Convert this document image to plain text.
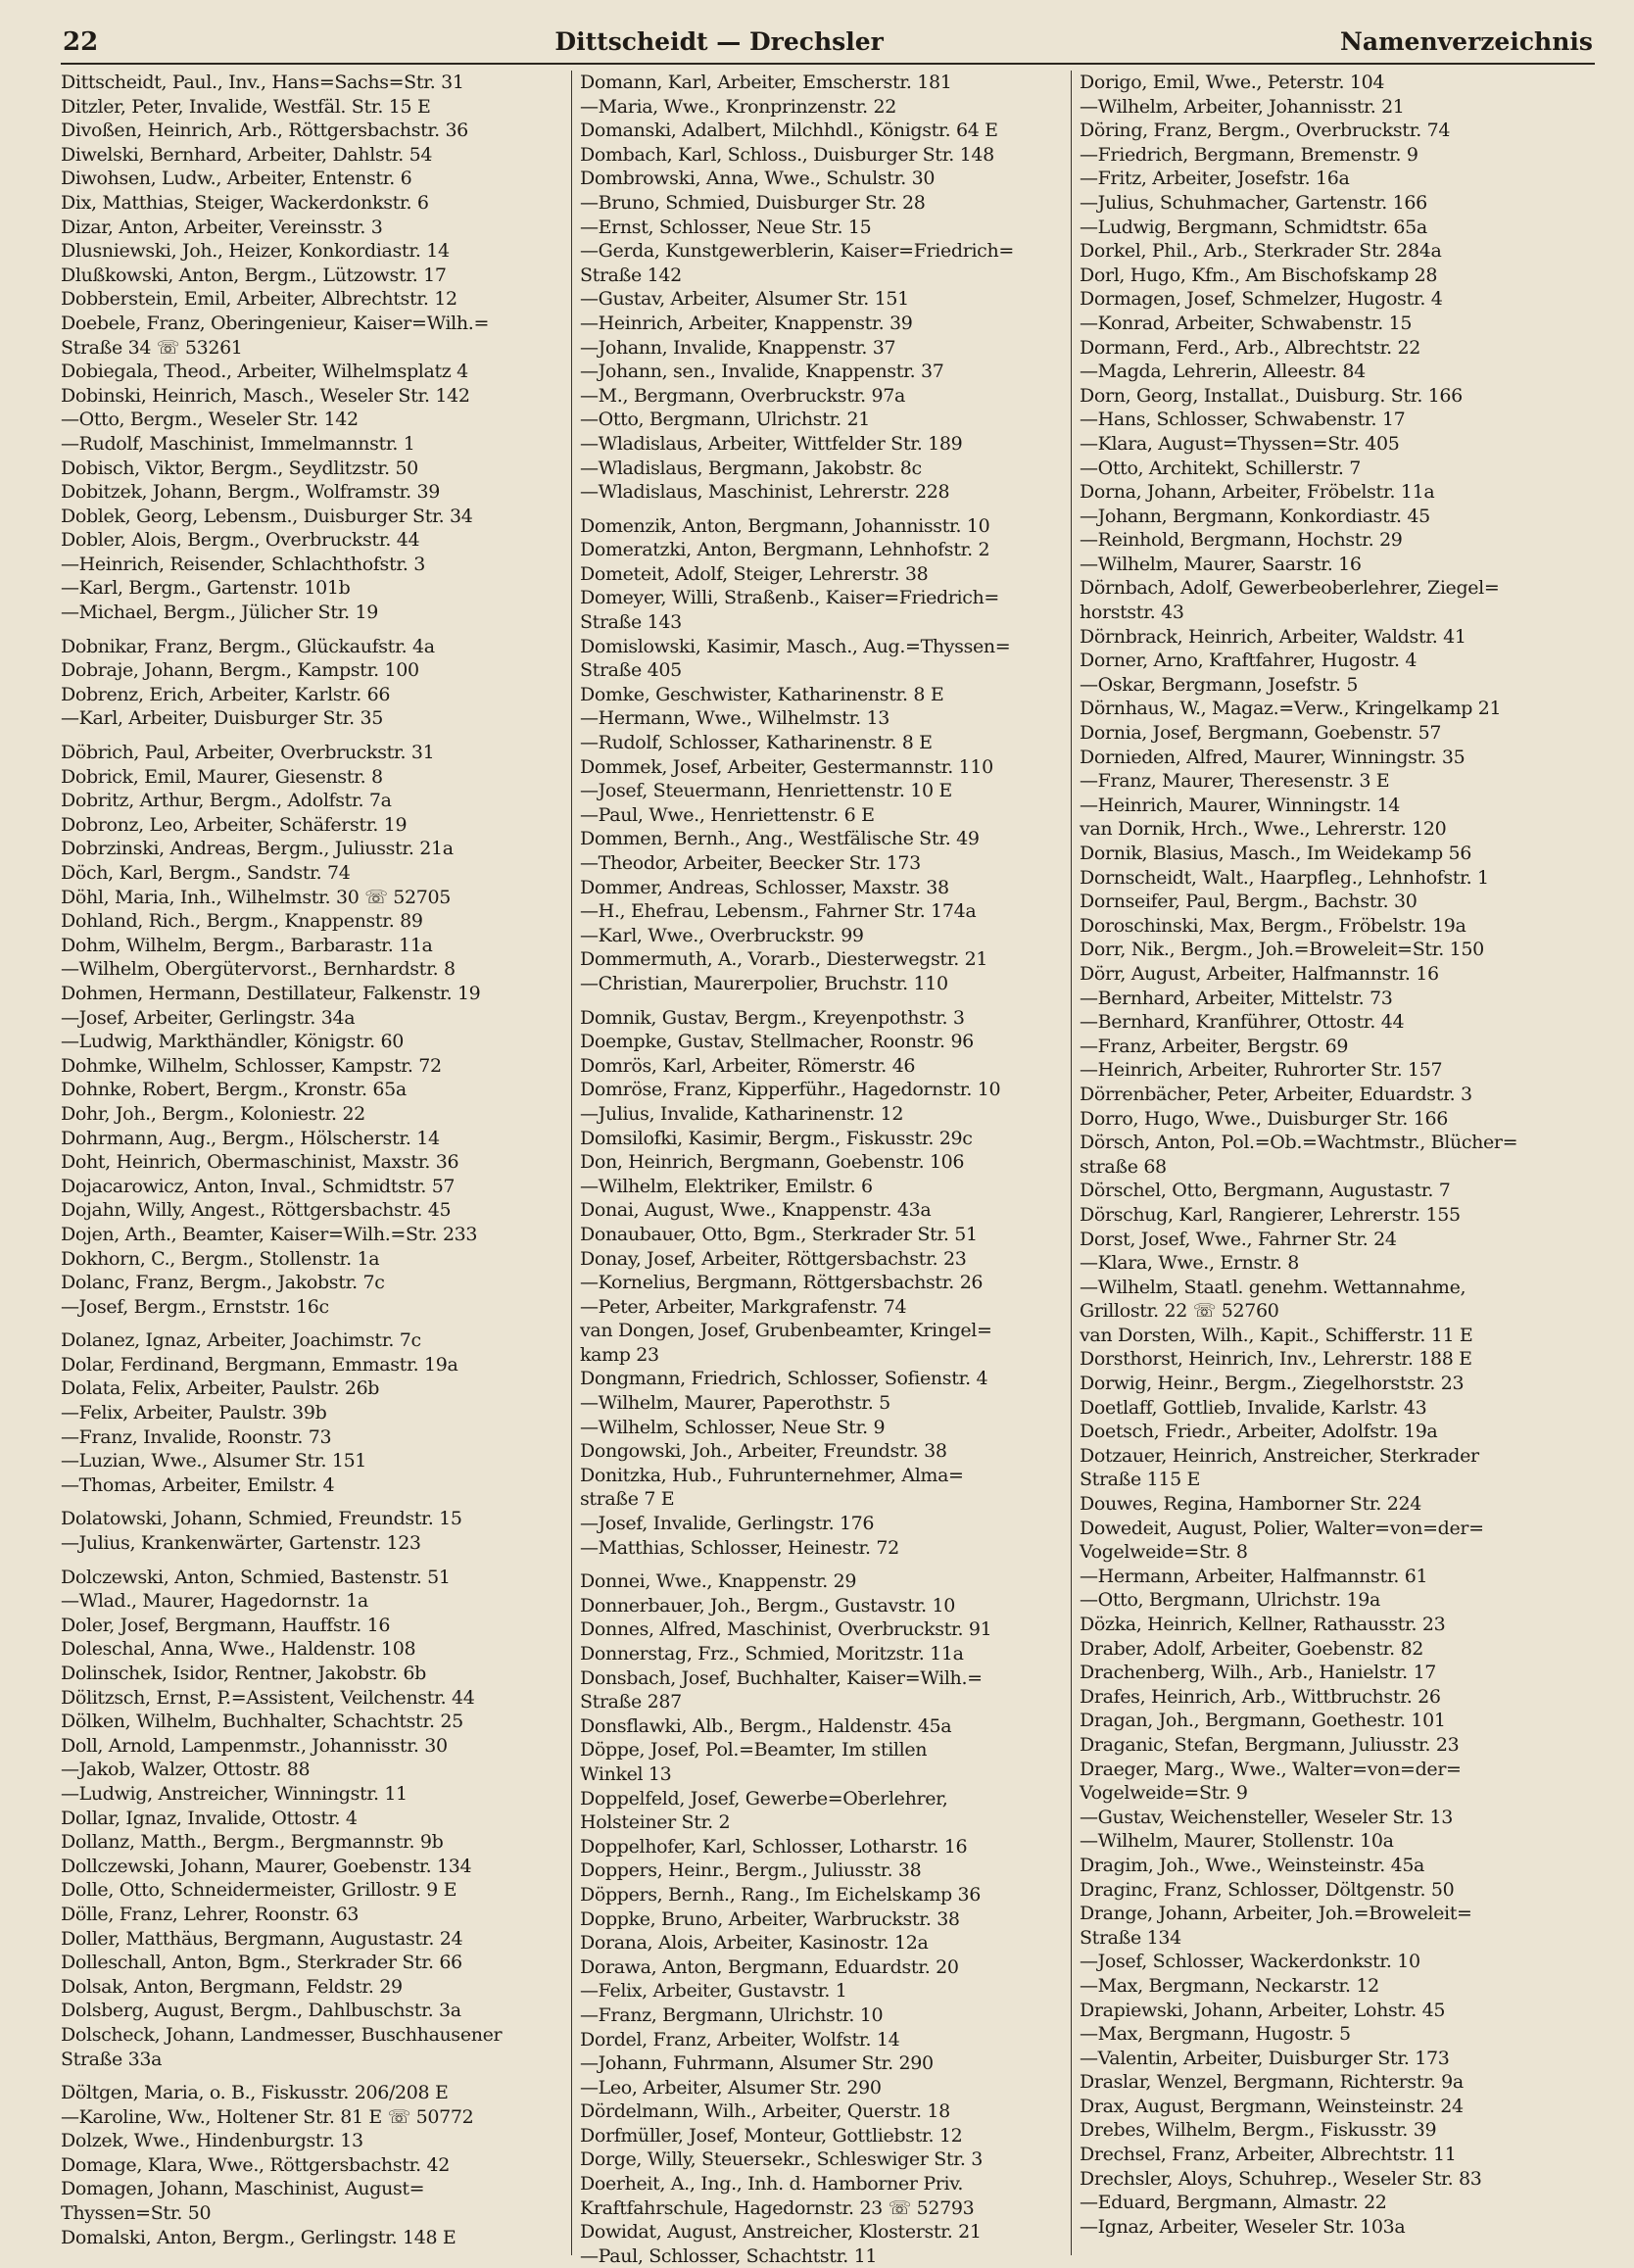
22	Dittscheidt — Drechsler	Namenverzeichnis
Dittscheidt, Paul., Inv., Hans=Sachs=Str. 31
Ditzler, Peter, Invalide, Westfäl. Str. 15 E
Divoßen, Heinrich, Arb., Röttgersbachstr. 36
Diwelski, Bernhard, Arbeiter, Dahlstr. 54
Diwohsen, Ludw., Arbeiter, Entenstr. 6
Dix, Matthias, Steiger, Wackerdonkstr. 6
Dizar, Anton, Arbeiter, Vereinsstr. 3
Dlusniewski, Joh., Heizer, Konkordiastr. 14
Dlußkowski, Anton, Bergm., Lützowstr. 17
Dobberstein, Emil, Arbeiter, Albrechtstr. 12
Doebele, Franz, Oberingenieur, Kaiser=Wilh.=
Straße 34 ☏ 53261
Dobiegala, Theod., Arbeiter, Wilhelmsplatz 4
Dobinski, Heinrich, Masch., Weseler Str. 142
—Otto, Bergm., Weseler Str. 142
—Rudolf, Maschinist, Immelmannstr. 1
Dobisch, Viktor, Bergm., Seydlitzstr. 50
Dobitzek, Johann, Bergm., Wolframstr. 39
Doblek, Georg, Lebensm., Duisburger Str. 34
Dobler, Alois, Bergm., Overbruckstr. 44
—Heinrich, Reisender, Schlachthofstr. 3
—Karl, Bergm., Gartenstr. 101b
—Michael, Bergm., Jülicher Str. 19
Dobnikar, Franz, Bergm., Glückaufstr. 4a
Dobraje, Johann, Bergm., Kampstr. 100
Dobrenz, Erich, Arbeiter, Karlstr. 66
—Karl, Arbeiter, Duisburger Str. 35
Döbrich, Paul, Arbeiter, Overbruckstr. 31
Dobrick, Emil, Maurer, Giesenstr. 8
Dobritz, Arthur, Bergm., Adolfstr. 7a
Dobronz, Leo, Arbeiter, Schäferstr. 19
Dobrzinski, Andreas, Bergm., Juliusstr. 21a
Döch, Karl, Bergm., Sandstr. 74
Döhl, Maria, Inh., Wilhelmstr. 30 ☏ 52705
Dohland, Rich., Bergm., Knappenstr. 89
Dohm, Wilhelm, Bergm., Barbarastr. 11a
—Wilhelm, Obergütervorst., Bernhardstr. 8
Dohmen, Hermann, Destillateur, Falkenstr. 19
—Josef, Arbeiter, Gerlingstr. 34a
—Ludwig, Markthändler, Königstr. 60
Dohmke, Wilhelm, Schlosser, Kampstr. 72
Dohnke, Robert, Bergm., Kronstr. 65a
Dohr, Joh., Bergm., Koloniestr. 22
Dohrmann, Aug., Bergm., Hölscherstr. 14
Doht, Heinrich, Obermaschinist, Maxstr. 36
Dojacarowicz, Anton, Inval., Schmidtstr. 57
Dojahn, Willy, Angest., Röttgersbachstr. 45
Dojen, Arth., Beamter, Kaiser=Wilh.=Str. 233
Dokhorn, C., Bergm., Stollenstr. 1a
Dolanc, Franz, Bergm., Jakobstr. 7c
—Josef, Bergm., Ernststr. 16c
Dolanez, Ignaz, Arbeiter, Joachimstr. 7c
Dolar, Ferdinand, Bergmann, Emmastr. 19a
Dolata, Felix, Arbeiter, Paulstr. 26b
—Felix, Arbeiter, Paulstr. 39b
—Franz, Invalide, Roonstr. 73
—Luzian, Wwe., Alsumer Str. 151
—Thomas, Arbeiter, Emilstr. 4
Dolatowski, Johann, Schmied, Freundstr. 15
—Julius, Krankenwärter, Gartenstr. 123
Dolczewski, Anton, Schmied, Bastenstr. 51
—Wlad., Maurer, Hagedornstr. 1a
Doler, Josef, Bergmann, Hauffstr. 16
Doleschal, Anna, Wwe., Haldenstr. 108
Dolinschek, Isidor, Rentner, Jakobstr. 6b
Dölitzsch, Ernst, P.=Assistent, Veilchenstr. 44
Dölken, Wilhelm, Buchhalter, Schachtstr. 25
Doll, Arnold, Lampenmstr., Johannisstr. 30
—Jakob, Walzer, Ottostr. 88
—Ludwig, Anstreicher, Winningstr. 11
Dollar, Ignaz, Invalide, Ottostr. 4
Dollanz, Matth., Bergm., Bergmannstr. 9b
Dollczewski, Johann, Maurer, Goebenstr. 134
Dolle, Otto, Schneidermeister, Grillostr. 9 E
Dölle, Franz, Lehrer, Roonstr. 63
Doller, Matthäus, Bergmann, Augustastr. 24
Dolleschall, Anton, Bgm., Sterkrader Str. 66
Dolsak, Anton, Bergmann, Feldstr. 29
Dolsberg, August, Bergm., Dahlbuschstr. 3a
Dolscheck, Johann, Landmesser, Buschhausener
Straße 33a
Döltgen, Maria, o. B., Fiskusstr. 206/208 E
—Karoline, Ww., Holtener Str. 81 E ☏ 50772
Dolzek, Wwe., Hindenburgstr. 13
Domage, Klara, Wwe., Röttgersbachstr. 42
Domagen, Johann, Maschinist, August=
Thyssen=Str. 50
Domalski, Anton, Bergm., Gerlingstr. 148 E
Domann, Karl, Arbeiter, Emscherstr. 181
—Maria, Wwe., Kronprinzenstr. 22
Domanski, Adalbert, Milchhdl., Königstr. 64 E
Dombach, Karl, Schloss., Duisburger Str. 148
Dombrowski, Anna, Wwe., Schulstr. 30
—Bruno, Schmied, Duisburger Str. 28
—Ernst, Schlosser, Neue Str. 15
—Gerda, Kunstgewerblerin, Kaiser=Friedrich=
Straße 142
—Gustav, Arbeiter, Alsumer Str. 151
—Heinrich, Arbeiter, Knappenstr. 39
—Johann, Invalide, Knappenstr. 37
—Johann, sen., Invalide, Knappenstr. 37
—M., Bergmann, Overbruckstr. 97a
—Otto, Bergmann, Ulrichstr. 21
—Wladislaus, Arbeiter, Wittfelder Str. 189
—Wladislaus, Bergmann, Jakobstr. 8c
—Wladislaus, Maschinist, Lehrerstr. 228
Domenzik, Anton, Bergmann, Johannisstr. 10
Domeratzki, Anton, Bergmann, Lehnhofstr. 2
Dometeit, Adolf, Steiger, Lehrerstr. 38
Domeyer, Willi, Straßenb., Kaiser=Friedrich=
Straße 143
Domislowski, Kasimir, Masch., Aug.=Thyssen=
Straße 405
Domke, Geschwister, Katharinenstr. 8 E
—Hermann, Wwe., Wilhelmstr. 13
—Rudolf, Schlosser, Katharinenstr. 8 E
Dommek, Josef, Arbeiter, Gestermannstr. 110
—Josef, Steuermann, Henriettenstr. 10 E
—Paul, Wwe., Henriettenstr. 6 E
Dommen, Bernh., Ang., Westfälische Str. 49
—Theodor, Arbeiter, Beecker Str. 173
Dommer, Andreas, Schlosser, Maxstr. 38
—H., Ehefrau, Lebensm., Fahrner Str. 174a
—Karl, Wwe., Overbruckstr. 99
Dommermuth, A., Vorarb., Diesterwegstr. 21
—Christian, Maurerpolier, Bruchstr. 110
Domnik, Gustav, Bergm., Kreyenpothstr. 3
Doempke, Gustav, Stellmacher, Roonstr. 96
Domrös, Karl, Arbeiter, Römerstr. 46
Domröse, Franz, Kipperführ., Hagedornstr. 10
—Julius, Invalide, Katharinenstr. 12
Domsilofki, Kasimir, Bergm., Fiskusstr. 29c
Don, Heinrich, Bergmann, Goebenstr. 106
—Wilhelm, Elektriker, Emilstr. 6
Donai, August, Wwe., Knappenstr. 43a
Donaubauer, Otto, Bgm., Sterkrader Str. 51
Donay, Josef, Arbeiter, Röttgersbachstr. 23
—Kornelius, Bergmann, Röttgersbachstr. 26
—Peter, Arbeiter, Markgrafenstr. 74
van Dongen, Josef, Grubenbeamter, Kringel=
kamp 23
Dongmann, Friedrich, Schlosser, Sofienstr. 4
—Wilhelm, Maurer, Paperothstr. 5
—Wilhelm, Schlosser, Neue Str. 9
Dongowski, Joh., Arbeiter, Freundstr. 38
Donitzka, Hub., Fuhrunternehmer, Alma=
straße 7 E
—Josef, Invalide, Gerlingstr. 176
—Matthias, Schlosser, Heinestr. 72
Donnei, Wwe., Knappenstr. 29
Donnerbauer, Joh., Bergm., Gustavstr. 10
Donnes, Alfred, Maschinist, Overbruckstr. 91
Donnerstag, Frz., Schmied, Moritzstr. 11a
Donsbach, Josef, Buchhalter, Kaiser=Wilh.=
Straße 287
Donsflawki, Alb., Bergm., Haldenstr. 45a
Döppe, Josef, Pol.=Beamter, Im stillen
Winkel 13
Doppelfeld, Josef, Gewerbe=Oberlehrer,
Holsteiner Str. 2
Doppelhofer, Karl, Schlosser, Lotharstr. 16
Doppers, Heinr., Bergm., Juliusstr. 38
Döppers, Bernh., Rang., Im Eichelskamp 36
Doppke, Bruno, Arbeiter, Warbruckstr. 38
Dorana, Alois, Arbeiter, Kasinostr. 12a
Dorawa, Anton, Bergmann, Eduardstr. 20
—Felix, Arbeiter, Gustavstr. 1
—Franz, Bergmann, Ulrichstr. 10
Dordel, Franz, Arbeiter, Wolfstr. 14
—Johann, Fuhrmann, Alsumer Str. 290
—Leo, Arbeiter, Alsumer Str. 290
Dördelmann, Wilh., Arbeiter, Querstr. 18
Dorfmüller, Josef, Monteur, Gottliebstr. 12
Dorge, Willy, Steuersekr., Schleswiger Str. 3
Doerheit, A., Ing., Inh. d. Hamborner Priv.
Kraftfahrschule, Hagedornstr. 23 ☏ 52793
Dowidat, August, Anstreicher, Klosterstr. 21
—Paul, Schlosser, Schachtstr. 11
Dorigo, Emil, Wwe., Peterstr. 104
—Wilhelm, Arbeiter, Johannisstr. 21
Döring, Franz, Bergm., Overbruckstr. 74
—Friedrich, Bergmann, Bremenstr. 9
—Fritz, Arbeiter, Josefstr. 16a
—Julius, Schuhmacher, Gartenstr. 166
—Ludwig, Bergmann, Schmidtstr. 65a
Dorkel, Phil., Arb., Sterkrader Str. 284a
Dorl, Hugo, Kfm., Am Bischofskamp 28
Dormagen, Josef, Schmelzer, Hugostr. 4
—Konrad, Arbeiter, Schwabenstr. 15
Dormann, Ferd., Arb., Albrechtstr. 22
—Magda, Lehrerin, Alleestr. 84
Dorn, Georg, Installat., Duisburg. Str. 166
—Hans, Schlosser, Schwabenstr. 17
—Klara, August=Thyssen=Str. 405
—Otto, Architekt, Schillerstr. 7
Dorna, Johann, Arbeiter, Fröbelstr. 11a
—Johann, Bergmann, Konkordiastr. 45
—Reinhold, Bergmann, Hochstr. 29
—Wilhelm, Maurer, Saarstr. 16
Dörnbach, Adolf, Gewerbeoberlehrer, Ziegel=
horststr. 43
Dörnbrack, Heinrich, Arbeiter, Waldstr. 41
Dorner, Arno, Kraftfahrer, Hugostr. 4
—Oskar, Bergmann, Josefstr. 5
Dörnhaus, W., Magaz.=Verw., Kringelkamp 21
Dornia, Josef, Bergmann, Goebenstr. 57
Dornieden, Alfred, Maurer, Winningstr. 35
—Franz, Maurer, Theresenstr. 3 E
—Heinrich, Maurer, Winningstr. 14
van Dornik, Hrch., Wwe., Lehrerstr. 120
Dornik, Blasius, Masch., Im Weidekamp 56
Dornscheidt, Walt., Haarpfleg., Lehnhofstr. 1
Dornseifer, Paul, Bergm., Bachstr. 30
Doroschinski, Max, Bergm., Fröbelstr. 19a
Dorr, Nik., Bergm., Joh.=Broweleit=Str. 150
Dörr, August, Arbeiter, Halfmannstr. 16
—Bernhard, Arbeiter, Mittelstr. 73
—Bernhard, Kranführer, Ottostr. 44
—Franz, Arbeiter, Bergstr. 69
—Heinrich, Arbeiter, Ruhrorter Str. 157
Dörrenbächer, Peter, Arbeiter, Eduardstr. 3
Dorro, Hugo, Wwe., Duisburger Str. 166
Dörsch, Anton, Pol.=Ob.=Wachtmstr., Blücher=
straße 68
Dörschel, Otto, Bergmann, Augustastr. 7
Dörschug, Karl, Rangierer, Lehrerstr. 155
Dorst, Josef, Wwe., Fahrner Str. 24
—Klara, Wwe., Ernstr. 8
—Wilhelm, Staatl. genehm. Wettannahme,
Grillostr. 22 ☏ 52760
van Dorsten, Wilh., Kapit., Schifferstr. 11 E
Dorsthorst, Heinrich, Inv., Lehrerstr. 188 E
Dorwig, Heinr., Bergm., Ziegelhorststr. 23
Doetlaff, Gottlieb, Invalide, Karlstr. 43
Doetsch, Friedr., Arbeiter, Adolfstr. 19a
Dotzauer, Heinrich, Anstreicher, Sterkrader
Straße 115 E
Douwes, Regina, Hamborner Str. 224
Dowedeit, August, Polier, Walter=von=der=
Vogelweide=Str. 8
—Hermann, Arbeiter, Halfmannstr. 61
—Otto, Bergmann, Ulrichstr. 19a
Dözka, Heinrich, Kellner, Rathausstr. 23
Draber, Adolf, Arbeiter, Goebenstr. 82
Drachenberg, Wilh., Arb., Hanielstr. 17
Drafes, Heinrich, Arb., Wittbruchstr. 26
Dragan, Joh., Bergmann, Goethestr. 101
Draganic, Stefan, Bergmann, Juliusstr. 23
Draeger, Marg., Wwe., Walter=von=der=
Vogelweide=Str. 9
—Gustav, Weichensteller, Weseler Str. 13
—Wilhelm, Maurer, Stollenstr. 10a
Dragim, Joh., Wwe., Weinsteinstr. 45a
Draginc, Franz, Schlosser, Döltgenstr. 50
Drange, Johann, Arbeiter, Joh.=Broweleit=
Straße 134
—Josef, Schlosser, Wackerdonkstr. 10
—Max, Bergmann, Neckarstr. 12
Drapiewski, Johann, Arbeiter, Lohstr. 45
—Max, Bergmann, Hugostr. 5
—Valentin, Arbeiter, Duisburger Str. 173
Draslar, Wenzel, Bergmann, Richterstr. 9a
Drax, August, Bergmann, Weinsteinstr. 24
Drebes, Wilhelm, Bergm., Fiskusstr. 39
Drechsel, Franz, Arbeiter, Albrechtstr. 11
Drechsler, Aloys, Schuhrep., Weseler Str. 83
—Eduard, Bergmann, Almastr. 22
—Ignaz, Arbeiter, Weseler Str. 103a
